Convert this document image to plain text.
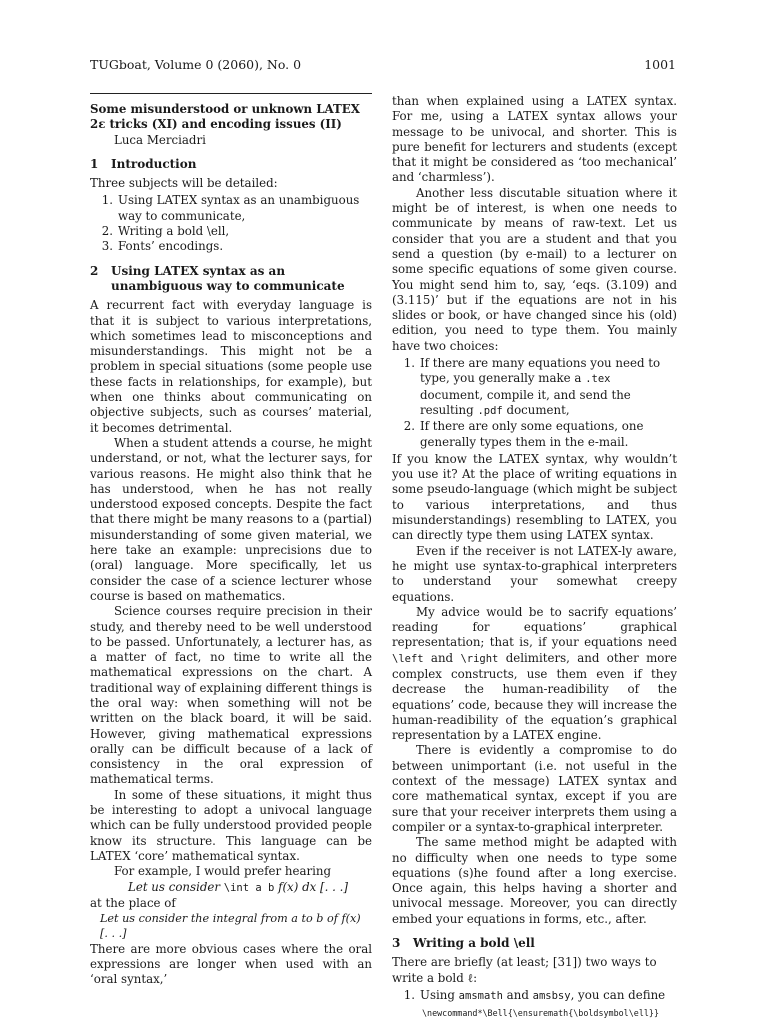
TUGboat, Volume 0 (2060), No. 0	1001

Some misunderstood or unknown LATEX 2ε tricks (XI) and encoding issues (II)

Luca Merciadri

1	Introduction

Three subjects will be detailed:

1. Using LATEX syntax as an unambiguous way to communicate,
2. Writing a bold \ell,
3. Fonts’ encodings.
2	Using LATEX syntax as an unambiguous way to communicate

A recurrent fact with everyday language is that it is subject to various interpretations, which sometimes lead to misconceptions and misunderstandings. This might not be a problem in special situations (some people use these facts in relationships, for example), but when one thinks about communicating on objective subjects, such as courses’ material, it becomes detrimental.

When a student attends a course, he might understand, or not, what the lecturer says, for various reasons. He might also think that he has understood, when he has not really understood exposed concepts. Despite the fact that there might be many reasons to a (partial) misunderstanding of some given material, we here take an example: unprecisions due to (oral) language. More specifically, let us consider the case of a science lecturer whose course is based on mathematics.

Science courses require precision in their study, and thereby need to be well understood to be passed. Unfortunately, a lecturer has, as a matter of fact, no time to write all the mathematical expressions on the chart. A traditional way of explaining different things is the oral way: when something will not be written on the black board, it will be said. However, giving mathematical expressions orally can be difficult because of a lack of consistency in the oral expression of mathematical terms.

In some of these situations, it might thus be interesting to adopt a univocal language which can be fully understood provided people know its structure. This language can be LATEX ‘core’ mathematical syntax.

For example, I would prefer hearing

Let us consider \int a b f(x) dx [. . .]

at the place of

Let us consider the integral from a to b of f(x) [. . .]

There are more obvious cases where the oral expressions are longer when used with an ‘oral syntax,’

than when explained using a LATEX syntax. For me, using a LATEX syntax allows your message to be univocal, and shorter. This is pure benefit for lecturers and students (except that it might be considered as ‘too mechanical’ and ‘charmless’).

Another less discutable situation where it might be of interest, is when one needs to communicate by means of raw-text. Let us consider that you are a student and that you send a question (by e-mail) to a lecturer on some specific equations of some given course. You might send him to, say, ‘eqs. (3.109) and (3.115)’ but if the equations are not in his slides or book, or have changed since his (old) edition, you need to type them. You mainly have two choices:

1. If there are many equations you need to type, you generally make a .tex document, compile it, and send the resulting .pdf document,
2. If there are only some equations, one generally types them in the e-mail.

If you know the LATEX syntax, why wouldn’t you use it? At the place of writing equations in some pseudo-language (which might be subject to various interpretations, and thus misunderstandings) resembling to LATEX, you can directly type them using LATEX syntax.

Even if the receiver is not LATEX-ly aware, he might use syntax-to-graphical interpreters to understand your somewhat creepy equations.

My advice would be to sacrify equations’ reading for equations’ graphical representation; that is, if your equations need \left and \right delimiters, and other more complex constructs, use them even if they decrease the human-readibility of the equations’ code, because they will increase the human-readibility of the equation’s graphical representation by a LATEX engine.

There is evidently a compromise to do between unimportant (i.e. not useful in the context of the message) LATEX syntax and core mathematical syntax, except if you are sure that your receiver interprets them using a compiler or a syntax-to-graphical interpreter.

The same method might be adapted with no difficulty when one needs to type some equations (s)he found after a long exercise. Once again, this helps having a shorter and univocal message. Moreover, you can directly embed your equations in forms, etc., after.

3	Writing a bold \ell

There are briefly (at least; [31]) two ways to write a bold ℓ:

1. Using amsmath and amsbsy, you can define

\newcommand*\Bell{\ensuremath{\boldsymbol\ell}}
